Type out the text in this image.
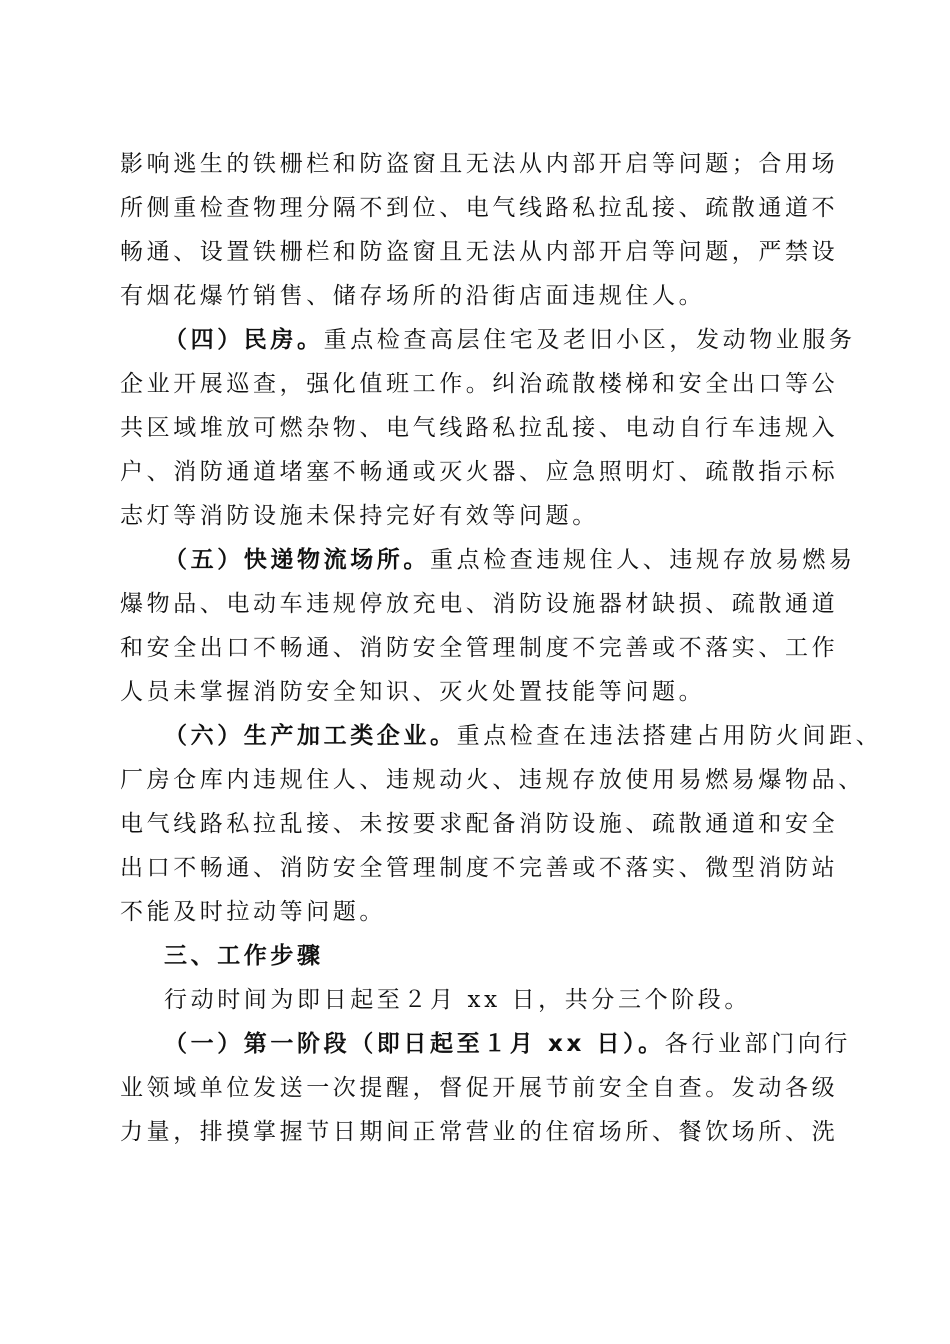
影响逃生的铁栅栏和防盗窗且无法从内部开启等问题；合用场
所侧重检查物理分隔不到位、电气线路私拉乱接、疏散通道不
畅通、设置铁栅栏和防盗窗且无法从内部开启等问题，严禁设
有烟花爆竹销售、储存场所的沿街店面违规住人。
（四）民房。重点检查高层住宅及老旧小区，发动物业服务
企业开展巡查，强化值班工作。纠治疏散楼梯和安全出口等公
共区域堆放可燃杂物、电气线路私拉乱接、电动自行车违规入
户、消防通道堵塞不畅通或灭火器、应急照明灯、疏散指示标
志灯等消防设施未保持完好有效等问题。
（五）快递物流场所。重点检查违规住人、违规存放易燃易
爆物品、电动车违规停放充电、消防设施器材缺损、疏散通道
和安全出口不畅通、消防安全管理制度不完善或不落实、工作
人员未掌握消防安全知识、灭火处置技能等问题。
（六）生产加工类企业。重点检查在违法搭建占用防火间距、
厂房仓库内违规住人、违规动火、违规存放使用易燃易爆物品、
电气线路私拉乱接、未按要求配备消防设施、疏散通道和安全
出口不畅通、消防安全管理制度不完善或不落实、微型消防站
不能及时拉动等问题。
三、工作步骤
行动时间为即日起至２月 xx 日，共分三个阶段。
（一）第一阶段（即日起至１月 xx 日）。各行业部门向行
业领域单位发送一次提醒，督促开展节前安全自查。发动各级
力量，排摸掌握节日期间正常营业的住宿场所、餐饮场所、洗
